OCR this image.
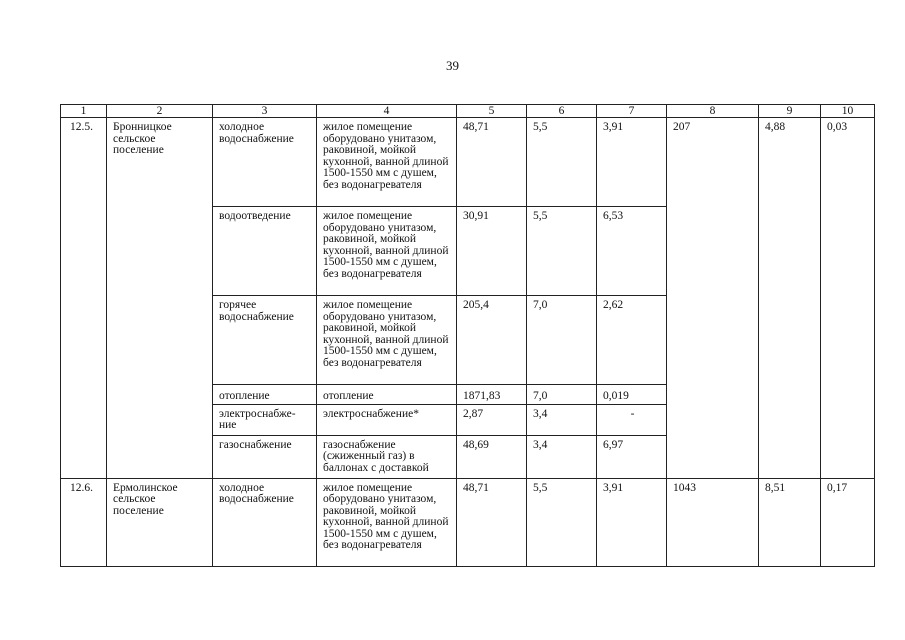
39
1	2	3	4	5	6	7	8	9	10
12.5.	Бронницкое сельское поселение	холодное водоснабжение	жилое помещение оборудовано унитазом, раковиной, мойкой кухонной, ванной длиной 1500-1550 мм с душем, без водонагревателя	48,71	5,5	3,91	207	4,88	0,03
		водоотведение	жилое помещение оборудовано унитазом, раковиной, мойкой кухонной, ванной длиной 1500-1550 мм с душем, без водонагревателя	30,91	5,5	6,53			
		горячее водоснабжение	жилое помещение оборудовано унитазом, раковиной, мойкой кухонной, ванной длиной 1500-1550 мм с душем, без водонагревателя	205,4	7,0	2,62			
		отопление	отопление	1871,83	7,0	0,019			
		электроснабже-ние	электроснабжение*	2,87	3,4	-			
		газоснабжение	газоснабжение (сжиженный газ) в баллонах с доставкой	48,69	3,4	6,97			
12.6.	Ермолинское сельское поселение	холодное водоснабжение	жилое помещение оборудовано унитазом, раковиной, мойкой кухонной, ванной длиной 1500-1550 мм с душем, без водонагревателя	48,71	5,5	3,91	1043	8,51	0,17
